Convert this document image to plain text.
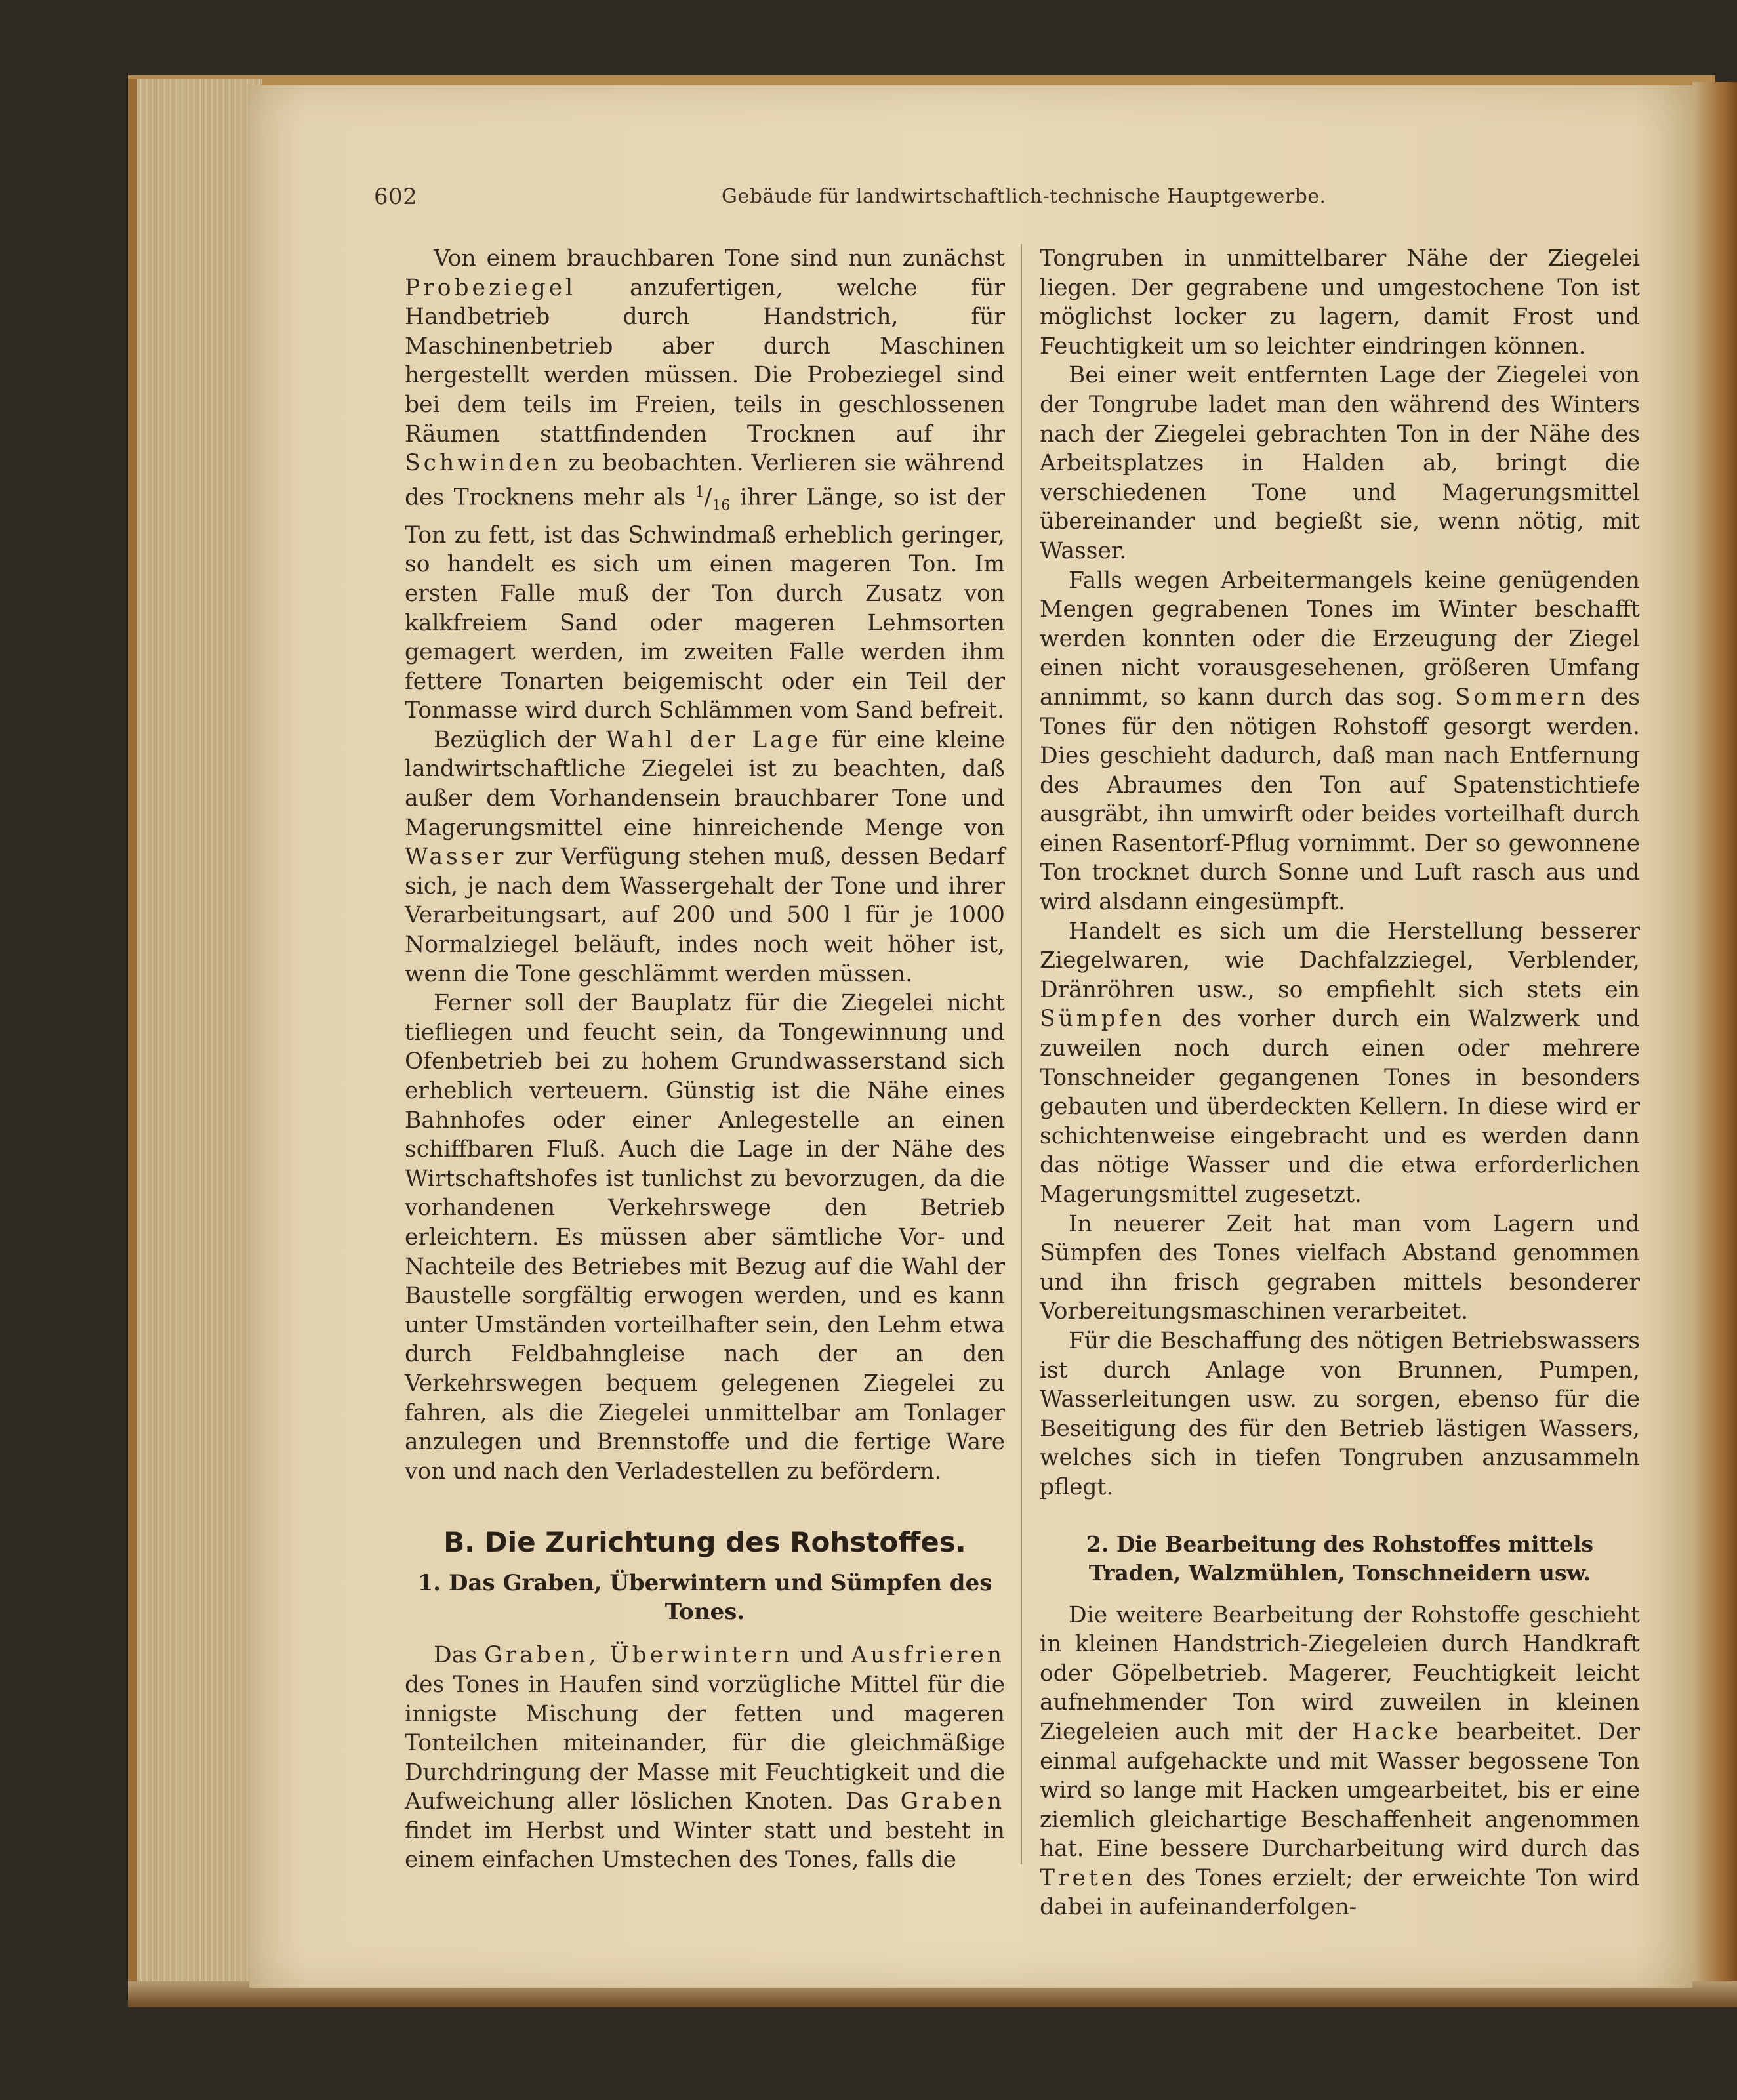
602	Gebäude für landwirtschaftlich-technische Hauptgewerbe.

Von einem brauchbaren Tone sind nun zunächst Probeziegel anzufertigen, welche für Handbetrieb durch Handstrich, für Maschinenbetrieb aber durch Maschinen hergestellt werden müssen. Die Probeziegel sind bei dem teils im Freien, teils in geschlossenen Räumen stattfindenden Trocknen auf ihr Schwinden zu beobachten. Verlieren sie während des Trocknens mehr als $^1/_{16}$ ihrer Länge, so ist der Ton zu fett, ist das Schwindmaß erheblich geringer, so handelt es sich um einen mageren Ton. Im ersten Falle muß der Ton durch Zusatz von kalkfreiem Sand oder mageren Lehmsorten gemagert werden, im zweiten Falle werden ihm fettere Tonarten beigemischt oder ein Teil der Tonmasse wird durch Schlämmen vom Sand befreit.

Bezüglich der Wahl der Lage für eine kleine landwirtschaftliche Ziegelei ist zu beachten, daß außer dem Vorhandensein brauchbarer Tone und Magerungsmittel eine hinreichende Menge von Wasser zur Verfügung stehen muß, dessen Bedarf sich, je nach dem Wassergehalt der Tone und ihrer Verarbeitungsart, auf 200 und 500 l für je 1000 Normalziegel beläuft, indes noch weit höher ist, wenn die Tone geschlämmt werden müssen.

Ferner soll der Bauplatz für die Ziegelei nicht tiefliegen und feucht sein, da Tongewinnung und Ofenbetrieb bei zu hohem Grundwasserstand sich erheblich verteuern. Günstig ist die Nähe eines Bahnhofes oder einer Anlegestelle an einen schiffbaren Fluß. Auch die Lage in der Nähe des Wirtschaftshofes ist tunlichst zu bevorzugen, da die vorhandenen Verkehrswege den Betrieb erleichtern. Es müssen aber sämtliche Vor- und Nachteile des Betriebes mit Bezug auf die Wahl der Baustelle sorgfältig erwogen werden, und es kann unter Umständen vorteilhafter sein, den Lehm etwa durch Feldbahngleise nach der an den Verkehrswegen bequem gelegenen Ziegelei zu fahren, als die Ziegelei unmittelbar am Tonlager anzulegen und Brennstoffe und die fertige Ware von und nach den Verladestellen zu befördern.

B. Die Zurichtung des Rohstoffes.
1. Das Graben, Überwintern und Sümpfen des Tones.

Das Graben, Überwintern und Ausfrieren des Tones in Haufen sind vorzügliche Mittel für die innigste Mischung der fetten und mageren Tonteilchen miteinander, für die gleichmäßige Durchdringung der Masse mit Feuchtigkeit und die Aufweichung aller löslichen Knoten. Das Graben findet im Herbst und Winter statt und besteht in einem einfachen Umstechen des Tones, falls die

Tongruben in unmittelbarer Nähe der Ziegelei liegen. Der gegrabene und umgestochene Ton ist möglichst locker zu lagern, damit Frost und Feuchtigkeit um so leichter eindringen können.

Bei einer weit entfernten Lage der Ziegelei von der Tongrube ladet man den während des Winters nach der Ziegelei gebrachten Ton in der Nähe des Arbeitsplatzes in Halden ab, bringt die verschiedenen Tone und Magerungsmittel übereinander und begießt sie, wenn nötig, mit Wasser.

Falls wegen Arbeitermangels keine genügenden Mengen gegrabenen Tones im Winter beschafft werden konnten oder die Erzeugung der Ziegel einen nicht vorausgesehenen, größeren Umfang annimmt, so kann durch das sog. Sommern des Tones für den nötigen Rohstoff gesorgt werden. Dies geschieht dadurch, daß man nach Entfernung des Abraumes den Ton auf Spatenstichtiefe ausgräbt, ihn umwirft oder beides vorteilhaft durch einen Rasentorf-Pflug vornimmt. Der so gewonnene Ton trocknet durch Sonne und Luft rasch aus und wird alsdann eingesümpft.

Handelt es sich um die Herstellung besserer Ziegelwaren, wie Dachfalzziegel, Verblender, Dränröhren usw., so empfiehlt sich stets ein Sümpfen des vorher durch ein Walzwerk und zuweilen noch durch einen oder mehrere Tonschneider gegangenen Tones in besonders gebauten und überdeckten Kellern. In diese wird er schichtenweise eingebracht und es werden dann das nötige Wasser und die etwa erforderlichen Magerungsmittel zugesetzt.

In neuerer Zeit hat man vom Lagern und Sümpfen des Tones vielfach Abstand genommen und ihn frisch gegraben mittels besonderer Vorbereitungsmaschinen verarbeitet.

Für die Beschaffung des nötigen Betriebswassers ist durch Anlage von Brunnen, Pumpen, Wasserleitungen usw. zu sorgen, ebenso für die Beseitigung des für den Betrieb lästigen Wassers, welches sich in tiefen Tongruben anzusammeln pflegt.

2. Die Bearbeitung des Rohstoffes mittels Traden, Walzmühlen, Tonschneidern usw.

Die weitere Bearbeitung der Rohstoffe geschieht in kleinen Handstrich-Ziegeleien durch Handkraft oder Göpelbetrieb. Magerer, Feuchtigkeit leicht aufnehmender Ton wird zuweilen in kleinen Ziegeleien auch mit der Hacke bearbeitet. Der einmal aufgehackte und mit Wasser begossene Ton wird so lange mit Hacken umgearbeitet, bis er eine ziemlich gleichartige Beschaffenheit angenommen hat. Eine bessere Durcharbeitung wird durch das Treten des Tones erzielt; der erweichte Ton wird dabei in aufeinanderfolgen-
